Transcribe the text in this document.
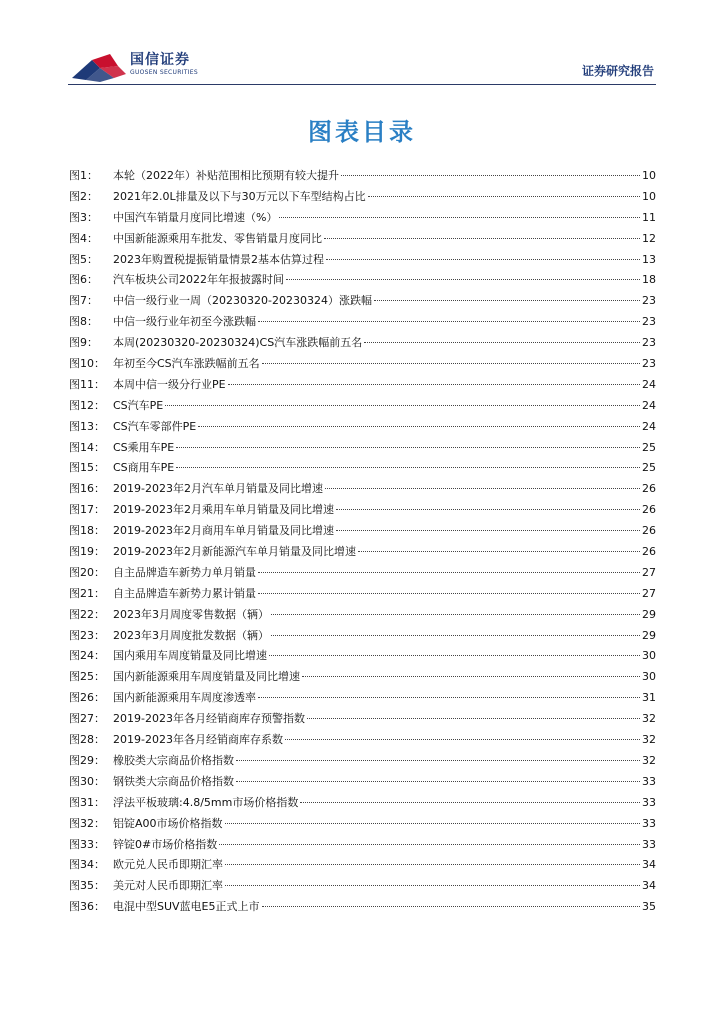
国信证券
GUOSEN SECURITIES	证券研究报告
图表目录
图1：	本轮（2022年）补贴范围相比预期有较大提升	10
图2：	2021年2.0L排量及以下与30万元以下车型结构占比	10
图3：	中国汽车销量月度同比增速（%）	11
图4：	中国新能源乘用车批发、零售销量月度同比	12
图5：	2023年购置税提振销量情景2基本估算过程	13
图6：	汽车板块公司2022年年报披露时间	18
图7：	中信一级行业一周（20230320-20230324）涨跌幅	23
图8：	中信一级行业年初至今涨跌幅	23
图9：	本周(20230320-20230324)CS汽车涨跌幅前五名	23
图10： 年初至今CS汽车涨跌幅前五名	23
图11： 本周中信一级分行业PE	24
图12： CS汽车PE	24
图13： CS汽车零部件PE	24
图14： CS乘用车PE	25
图15： CS商用车PE	25
图16： 2019-2023年2月汽车单月销量及同比增速	26
图17： 2019-2023年2月乘用车单月销量及同比增速	26
图18： 2019-2023年2月商用车单月销量及同比增速	26
图19： 2019-2023年2月新能源汽车单月销量及同比增速	26
图20： 自主品牌造车新势力单月销量	27
图21： 自主品牌造车新势力累计销量	27
图22： 2023年3月周度零售数据（辆）	29
图23： 2023年3月周度批发数据（辆）	29
图24： 国内乘用车周度销量及同比增速	30
图25： 国内新能源乘用车周度销量及同比增速	30
图26： 国内新能源乘用车周度渗透率	31
图27： 2019-2023年各月经销商库存预警指数	32
图28： 2019-2023年各月经销商库存系数	32
图29： 橡胶类大宗商品价格指数	32
图30： 钢铁类大宗商品价格指数	33
图31： 浮法平板玻璃:4.8/5mm市场价格指数	33
图32： 铝锭A00市场价格指数	33
图33： 锌锭0#市场价格指数	33
图34： 欧元兑人民币即期汇率	34
图35： 美元对人民币即期汇率	34
图36： 电混中型SUV蓝电E5正式上市	35
